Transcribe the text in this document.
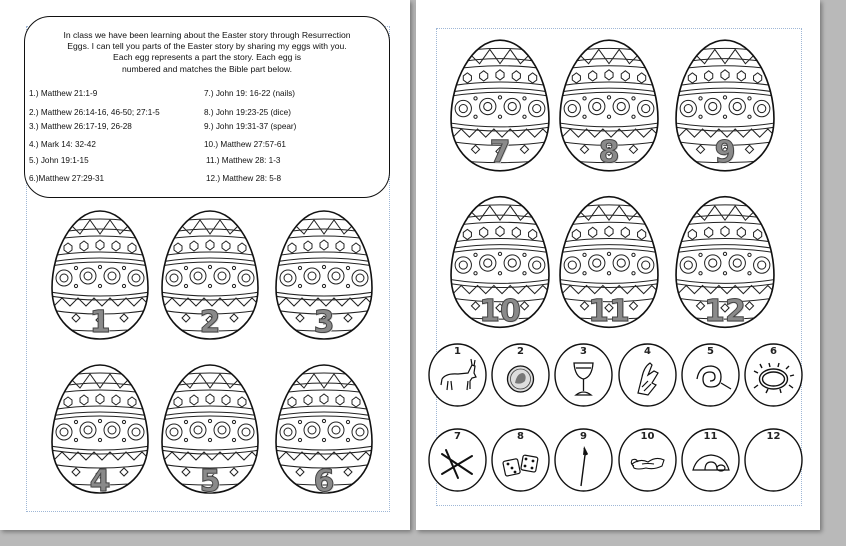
In class we have been learning about the Easter story through Resurrection
Eggs. I can tell you parts of the Easter story by sharing my eggs with you.
Each egg represents a part the story. Each egg is
numbered and matches the Bible part below.
1.) Matthew 21:1-9
2.) Matthew 26:14-16, 46-50; 27:1-5
3.) Matthew 26:17-19, 26-28
4.) Mark 14: 32-42
5.) John 19:1-15
6.)Matthew 27:29-31
7.) John 19: 16-22 (nails)
8.) John 19:23-25 (dice)
9.) John 19:31-37 (spear)
10.) Matthew 27:57-61
11.) Matthew 28: 1-3
12.) Matthew 28: 5-8
1	2	3
4	5	6
7	8	9
10	11	12
1	2	3	4	5	6
7	8	9	10	11	12
